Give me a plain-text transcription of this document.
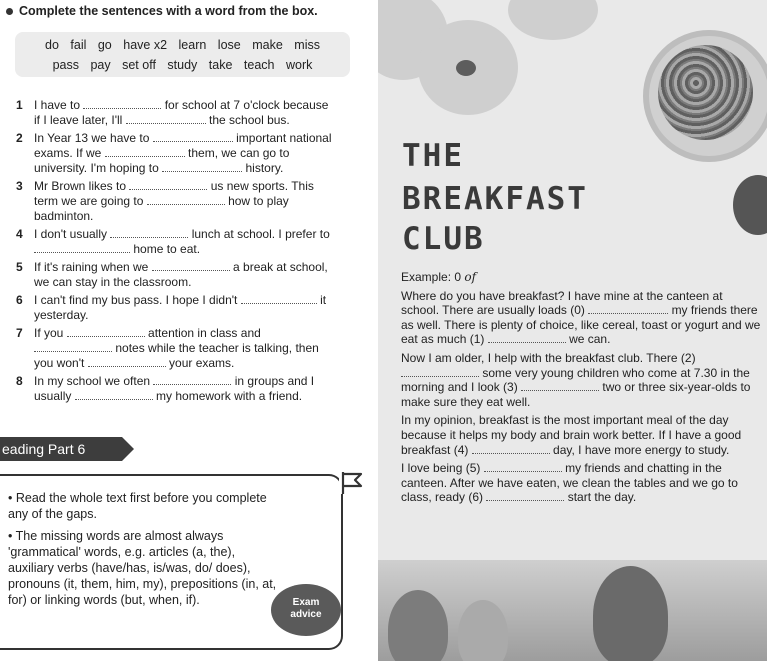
Complete the sentences with a word from the box.
do fail go have x2 learn lose make miss
pass pay set off study take teach work
1 I have to	for school at 7 o'clock because
if I leave later, I'll	the school bus.
2 In Year 13 we have to	important national
exams. If we	them, we can go to
university. I'm hoping to	history.
3 Mr Brown likes to	us new sports. This
term we are going to	how to play
badminton.
4 I don't usually	lunch at school. I prefer to
home to eat.
5 If it's raining when we	a break at school,
we can stay in the classroom.
6 I can't find my bus pass. I hope I didn't	it
yesterday.
7 If you	attention in class and
notes while the teacher is talking, then
you won't	your exams.
8 In my school we often	in groups and I
usually	my homework with a friend.
eading Part 6

• Read the whole text first before you complete any of the gaps.

• The missing words are almost always 'grammatical' words, e.g. articles (a, the), auxiliary verbs (have/has, is/was, do/ does), pronouns (it, them, him, my), prepositions (in, at, for) or linking words (but, when, if).	Exam
advice
THE
BREAKFAST
CLUB

Example: 0 of

Where do you have breakfast? I have mine at the canteen at school. There are usually loads (0)	my friends there as well. There is plenty of choice, like cereal, toast or yogurt and we eat as much (1)	we can.

Now I am older, I help with the breakfast club. There (2)  some very young children who come at 7.30 in the morning and I look (3)	two or three six-year-olds to make sure they eat well.

In my opinion, breakfast is the most important meal of the day because it helps my body and brain work better. If I have a good breakfast (4)	day, I have more energy to study.

I love being (5)	my friends and chatting in the canteen. After we have eaten, we clean the tables and we go to class, ready (6)	start the day.
